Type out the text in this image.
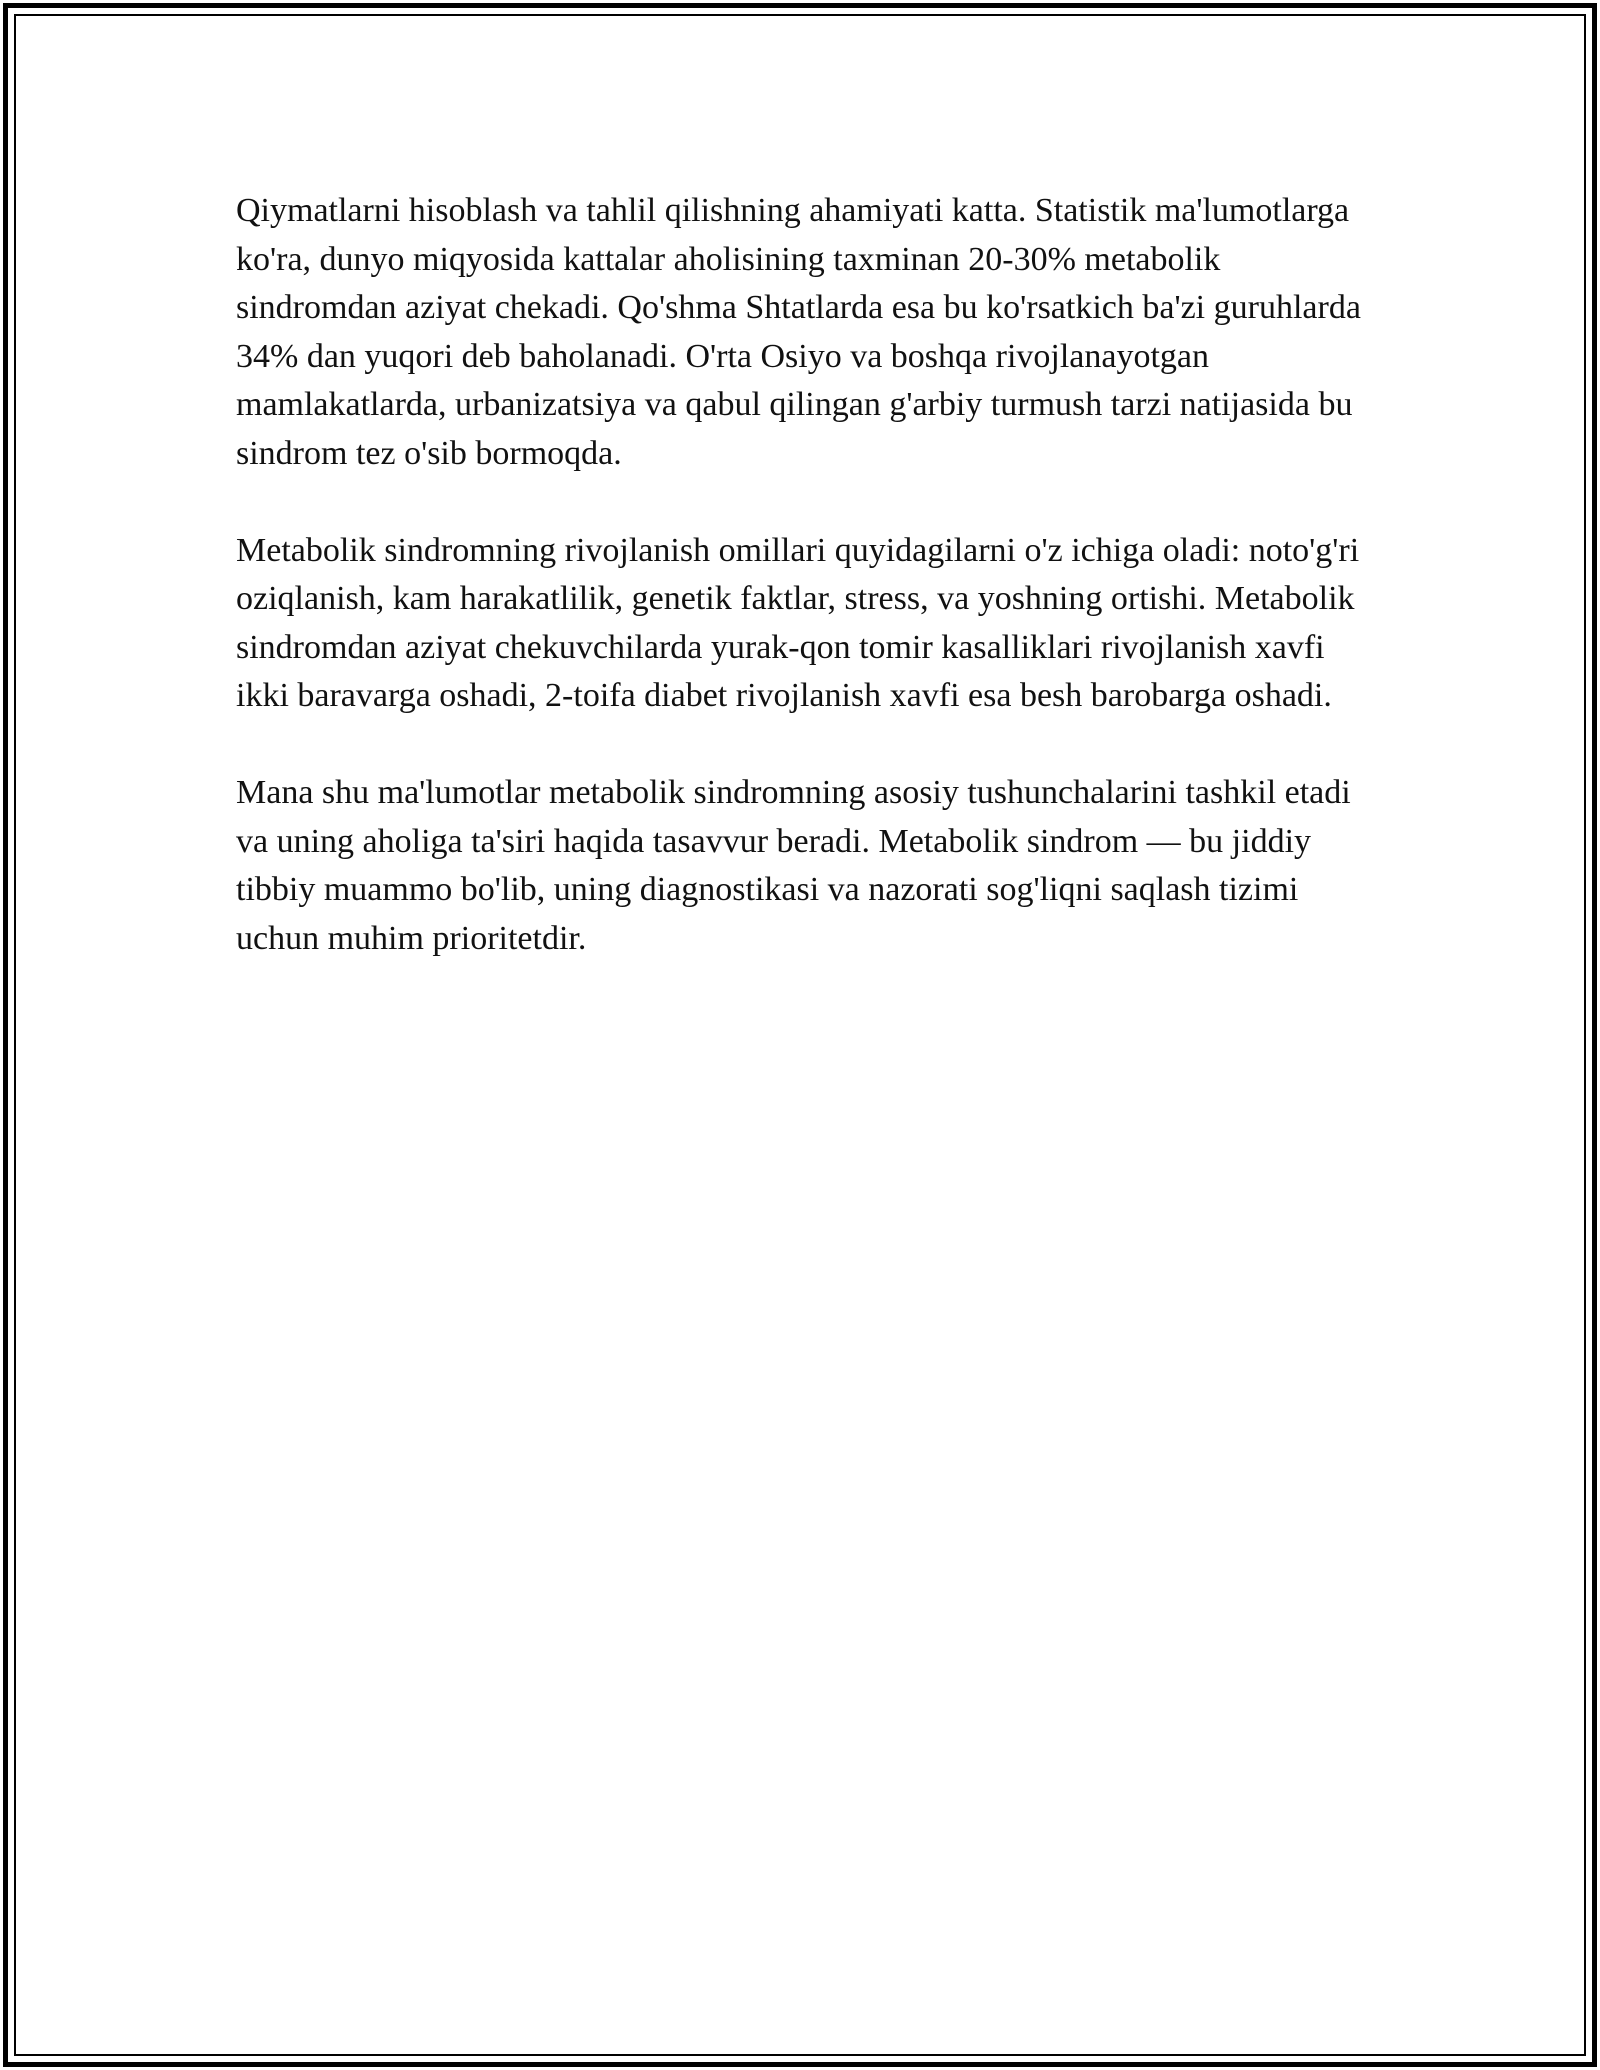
Qiymatlarni hisoblash va tahlil qilishning ahamiyati katta. Statistik ma'lumotlarga ko'ra, dunyo miqyosida kattalar aholisining taxminan 20-30% metabolik sindromdan aziyat chekadi. Qo'shma Shtatlarda esa bu ko'rsatkich ba'zi guruhlarda 34% dan yuqori deb baholanadi. O'rta Osiyo va boshqa rivojlanayotgan mamlakatlarda, urbanizatsiya va qabul qilingan g'arbiy turmush tarzi natijasida bu sindrom tez o'sib bormoqda.

Metabolik sindromning rivojlanish omillari quyidagilarni o'z ichiga oladi: noto'g'ri oziqlanish, kam harakatlilik, genetik faktlar, stress, va yoshning ortishi. Metabolik sindromdan aziyat chekuvchilarda yurak-qon tomir kasalliklari rivojlanish xavfi ikki baravarga oshadi, 2-toifa diabet rivojlanish xavfi esa besh barobarga oshadi.

Mana shu ma'lumotlar metabolik sindromning asosiy tushunchalarini tashkil etadi va uning aholiga ta'siri haqida tasavvur beradi. Metabolik sindrom — bu jiddiy tibbiy muammo bo'lib, uning diagnostikasi va nazorati sog'liqni saqlash tizimi uchun muhim prioritetdir.
